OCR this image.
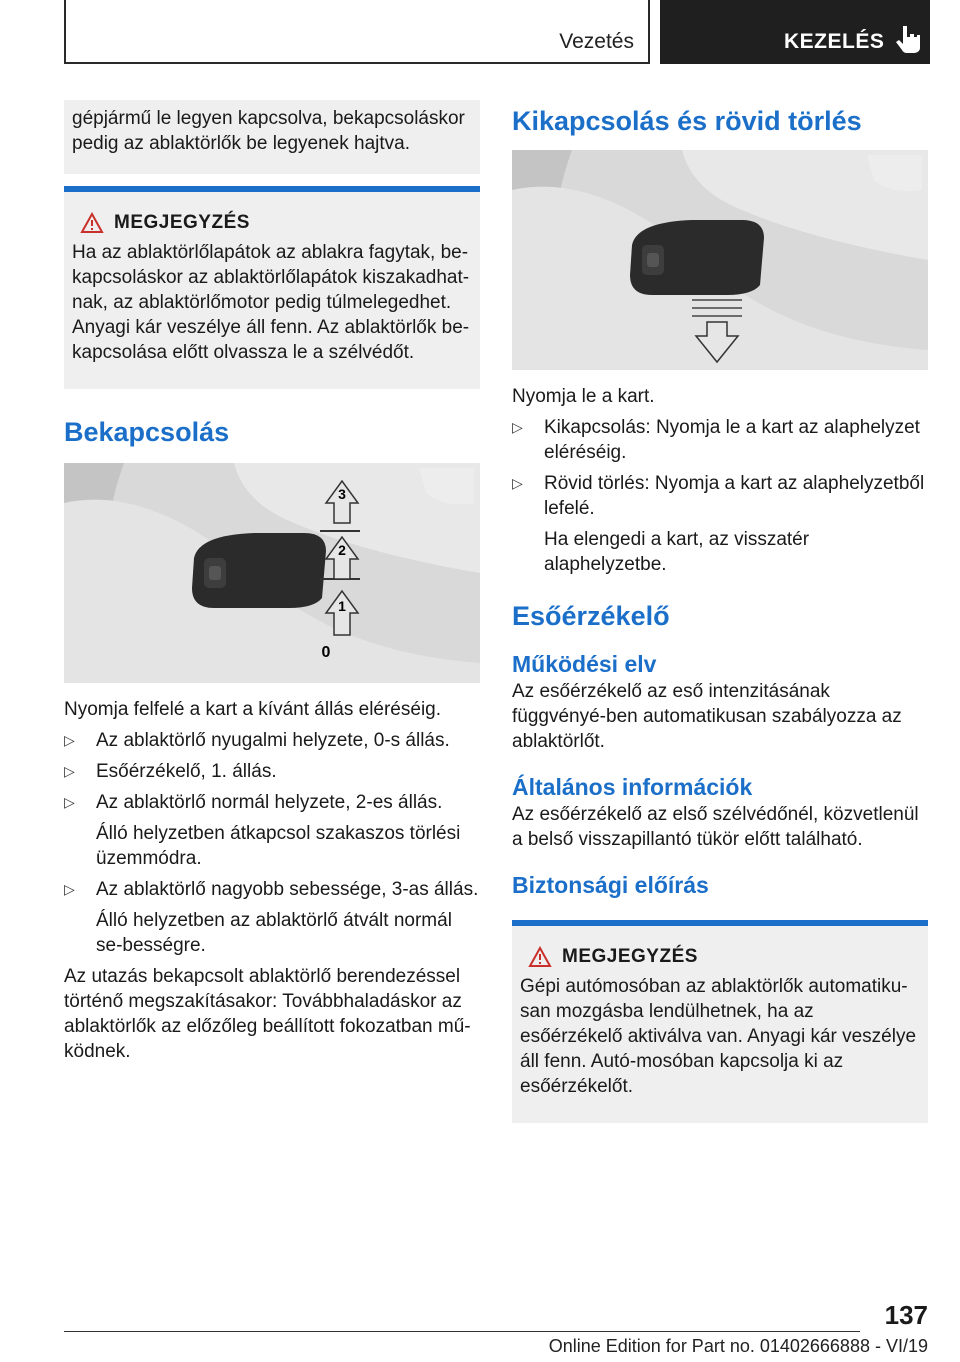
Vezetés	KEZELÉS

gépjármű le legyen kapcsolva, bekapcsoláskor pedig az ablaktörlők be legyenek hajtva.

MEGJEGYZÉS

Ha az ablaktörlőlapátok az ablakra fagytak, be-kapcsoláskor az ablaktörlőlapátok kiszakadhat-nak, az ablaktörlőmotor pedig túlmelegedhet. Anyagi kár veszélye áll fenn. Az ablaktörlők be-kapcsolása előtt olvassza le a szélvédőt.

Bekapcsolás
3
2
1
0

Nyomja felfelé a kart a kívánt állás eléréséig.

▷ Az ablaktörlő nyugalmi helyzete, 0-s állás.
▷ Esőérzékelő, 1. állás.
▷ Az ablaktörlő normál helyzete, 2-es állás.

Álló helyzetben átkapcsol szakaszos törlési üzemmódra.

▷ Az ablaktörlő nagyobb sebessége, 3-as állás.

Álló helyzetben az ablaktörlő átvált normál se-bességre.

Az utazás bekapcsolt ablaktörlő berendezéssel történő megszakításakor: Továbbhaladáskor az ablaktörlők az előzőleg beállított fokozatban mű-ködnek.

Kikapcsolás és rövid törlés

Nyomja le a kart.

▷ Kikapcsolás: Nyomja le a kart az alaphelyzet eléréséig.
▷ Rövid törlés: Nyomja a kart az alaphelyzetből lefelé.

Ha elengedi a kart, az visszatér alaphelyzetbe.

Esőérzékelő
Működési elv

Az esőérzékelő az eső intenzitásának függvényé-ben automatikusan szabályozza az ablaktörlőt.

Általános információk

Az esőérzékelő az első szélvédőnél, közvetlenül a belső visszapillantó tükör előtt található.

Biztonsági előírás
MEGJEGYZÉS

Gépi autómosóban az ablaktörlők automatiku-san mozgásba lendülhetnek, ha az esőérzékelő aktiválva van. Anyagi kár veszélye áll fenn. Autó-mosóban kapcsolja ki az esőérzékelőt.

137
Online Edition for Part no. 01402666888 - VI/19
